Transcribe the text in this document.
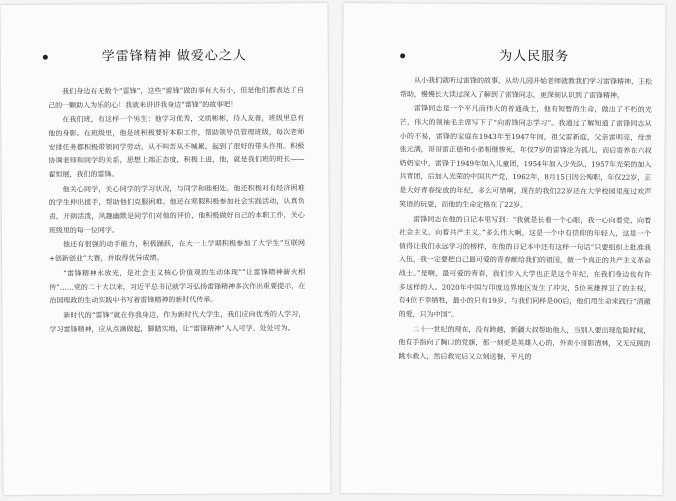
学雷锋精神 做爱心之人

我们身边有无数个“雷锋”，这些“雷锋”做的事有大有小，但是他们都表达了自己的一颗助人为乐的心！我就来讲讲我身边“雷锋”的故事吧！

在我们班，有这样一个男生：他学习优秀，文质彬彬，待人友善，班级里总有他的身影。在班级里，他是班积极要好本职工作，帮助领导员管理班级，每次老师安排任务都积极带领同学劳动，从不叫苦从不喊累，起到了很好的带头作用。积极协调老师和同学的关系，思想上端正态度，积极上进，他，就是我们班的班长——翟恒展，我们的雷锋。

他关心同学，关心同学的学习状况，与同学和睦相处。他还积极对有经济困难的学生伸出援手，帮助他们克服困难。他还在寒假积极参加社会实践活动，认真负责，开朗活泼，风趣幽默是同学们对他的评价，他积极做好自己的本职工作，关心班级里的每一位同学。

他还有很强的动手能力，积极踊跃，在大一上学期积极参加了大学生“互联网+创新创业”大赛，并取得优异成绩。

“雷锋精神永放光，是社会主义核心价值观的生动体现”“让雷锋精神薪火相传”……党的二十大以来，习近平总书记就学习弘扬雷锋精神多次作出重要提示，在治国理政的生动实践中书写着雷锋精神的新时代传承。

新时代的“雷锋”就在你我身边，作为新时代大学生，我们应向优秀的人学习，学习雷锋精神，应从点滴做起，脚踏实地，让“雷锋精神”人人可学、处处可为。

为人民服务

从小我们就听过雷锋的故事，从幼儿园开始老师就教我们学习雷锋精神，王松帮助，慢慢长大读过深入了解到了雷锋同志，更深刻认识到了雷锋精神。

雷锋同志是一个平凡而伟大的普通战士，他有短暂的生命，做出了不朽的光芒，伟大的领袖毛主席写下了“向雷锋同志学习”。我通过了解知道了雷锋同志从小的不易，雷锋的家庭在1943年至1947年间，祖父雷新庭，父亲雷明亮，母亲张元满，哥哥雷正德和小弟相继惨死，年仅7岁的雷锋沦为孤儿，而后寄养在六叔奶奶家中，雷锋于1949年加入儿童团，1954年加入少先队，1957年光荣的加入共青团，后加入光荣的中国共产党，1962年，8月15日因公殉职，年仅22岁，正是大好青春绽放的年纪，多么可惜啊，现在的我们22岁还在大学校园里度过欢声笑语的玩耍，而他的生命定格在了22岁。

雷锋同志在他的日记本里写到：“我就是长着一个心眼，我一心向着党，向着社会主义，向着共产主义。”多么伟大啊，这是一个中有信仰的年轻人，这是一个值得让我们永远学习的榜样，在他的日记本中还有这样一句话“只要组织上批准我入伍，我一定要把自己最可爱的青春献给我们的祖国，做一个真正的共产主义革命战士。”是啊，最可爱的青春，我们步入大学也正是这个年纪，在我们身边也有许多这样的人。2020年中国与印度边界地区发生了冲突，5位英雄捍卫了的主权，有4位不幸牺牲，最小的只有19岁，与我们同样是00后，他们用生命来践行“清澈的爱，只为中国”。

二十一世纪的现在，没有跨越，新疆大叔帮助他人，当别人要出现危险时候，他有手指向了胸口的党旗，那一刻更是英雄人心的，外卖小哥影清林，又无反顾的跳水救人，然后救完后又立刻送餐，平凡的
